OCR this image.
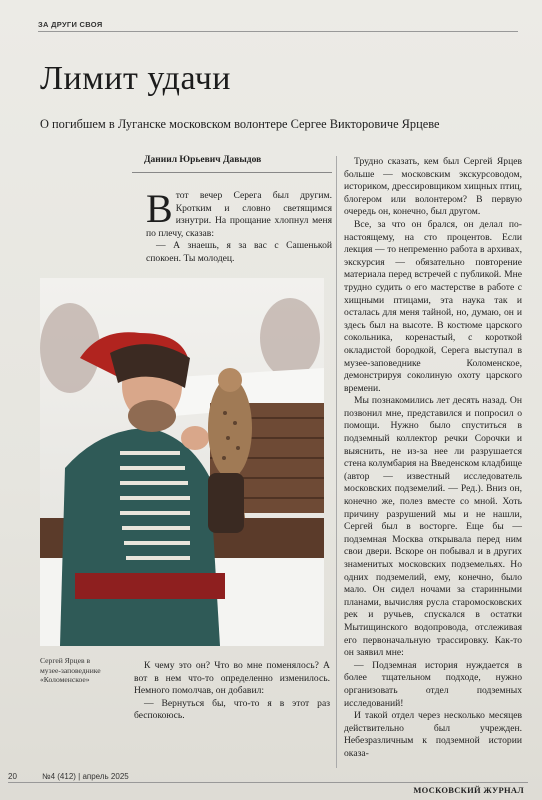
ЗА ДРУГИ СВОЯ
Лимит удачи
О погибшем в Луганске московском волонтере Сергее Викторовиче Ярцеве
Даниил Юрьевич Давыдов
В тот вечер Серега был другим. Кротким и словно светящимся изнутри. На прощание хлопнул меня по плечу, сказав:

— А знаешь, я за вас с Сашенькой спокоен. Ты молодец.

Сергей Ярцев в музее-заповеднике «Коломенское»

К чему это он? Что во мне поменялось? А вот в нем что-то определенно изменилось. Немного помолчав, он добавил:

— Вернуться бы, что-то я в этот раз беспокоюсь.

Трудно сказать, кем был Сергей Ярцев больше — московским экскурсоводом, историком, дрессировщиком хищных птиц, блогером или волонтером? В первую очередь он, конечно, был другом.

Все, за что он брался, он делал по-настоящему, на сто процентов. Если лекция — то непременно работа в архивах, экскурсия — обязательно повторение материала перед встречей с публикой. Мне трудно судить о его мастерстве в работе с хищными птицами, эта наука так и осталась для меня тайной, но, думаю, он и здесь был на высоте. В костюме царского сокольника, коренастый, с короткой окладистой бородкой, Серега выступал в музее-заповеднике Коломенское, демонстрируя соколиную охоту царского времени.

Мы познакомились лет десять назад. Он позвонил мне, представился и попросил о помощи. Нужно было спуститься в подземный коллектор речки Сорочки и выяснить, не из-за нее ли разрушается стена колумбария на Введенском кладбище (автор — известный исследователь московских подземелий. — Ред.). Вниз он, конечно же, полез вместе со мной. Хоть причину разрушений мы и не нашли, Сергей был в восторге. Еще бы — подземная Москва открывала перед ним свои двери. Вскоре он побывал и в других знаменитых московских подземельях. Но одних подземелий, ему, конечно, было мало. Он сидел ночами за старинными планами, вычисляя русла старомосковских рек и ручьев, спускался в остатки Мытищинского водопровода, отслеживая его первоначальную трассировку. Как-то он заявил мне:

— Подземная история нуждается в более тщательном подходе, нужно организовать отдел подземных исследований!

И такой отдел через несколько месяцев действительно был учрежден. Небезразличным к подземной истории оказа-

20	№4 (412) | апрель 2025
МОСКОВСКИЙ ЖУРНАЛ
